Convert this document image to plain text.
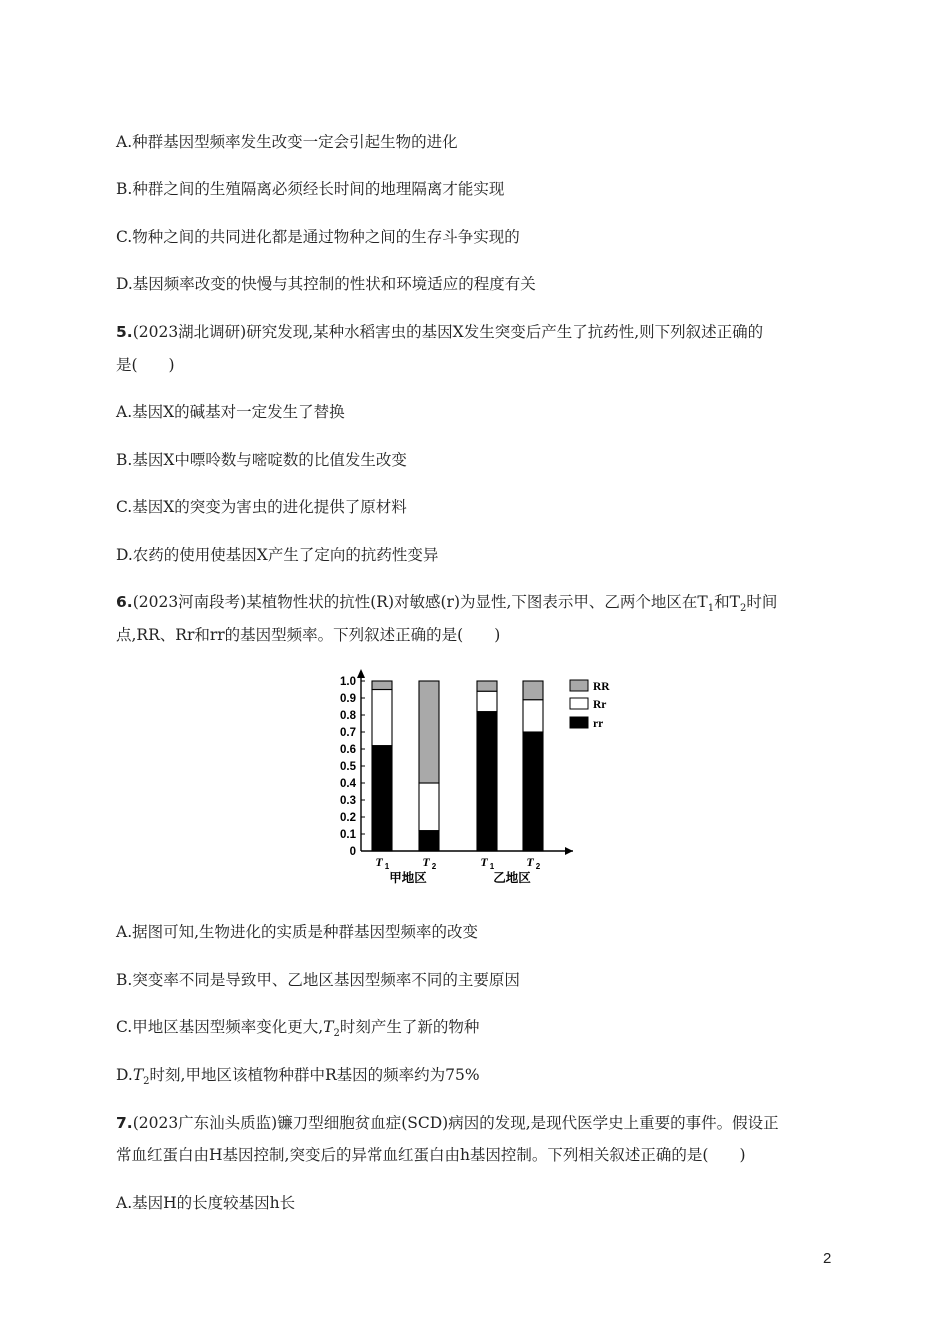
A.种群基因型频率发生改变一定会引起生物的进化
B.种群之间的生殖隔离必须经长时间的地理隔离才能实现
C.物种之间的共同进化都是通过物种之间的生存斗争实现的
D.基因频率改变的快慢与其控制的性状和环境适应的程度有关
5.(2023湖北调研)研究发现,某种水稻害虫的基因X发生突变后产生了抗药性,则下列叙述正确的
是(　　)
A.基因X的碱基对一定发生了替换
B.基因X中嘌呤数与嘧啶数的比值发生改变
C.基因X的突变为害虫的进化提供了原材料
D.农药的使用使基因X产生了定向的抗药性变异
6.(2023河南段考)某植物性状的抗性(R)对敏感(r)为显性,下图表示甲、乙两个地区在$T_1$和$T_2$时间
点,RR、Rr和rr的基因型频率。下列叙述正确的是(　　)
0
0.1
0.2
0.3
0.4
0.5
0.6
0.7
0.8
0.9
1.0
T 1	T 2
甲地区
T 1	T 2
乙地区
RR
Rr
rr
A.据图可知,生物进化的实质是种群基因型频率的改变
B.突变率不同是导致甲、乙地区基因型频率不同的主要原因
C.甲地区基因型频率变化更大$,T_2$时刻产生了新的物种
$D.T_2$时刻,甲地区该植物种群中R基因的频率约为75%
7.(2023广东汕头质监)镰刀型细胞贫血症(SCD)病因的发现,是现代医学史上重要的事件。假设正
常血红蛋白由H基因控制,突变后的异常血红蛋白由h基因控制。下列相关叙述正确的是(　　)
A.基因H的长度较基因h长
2
